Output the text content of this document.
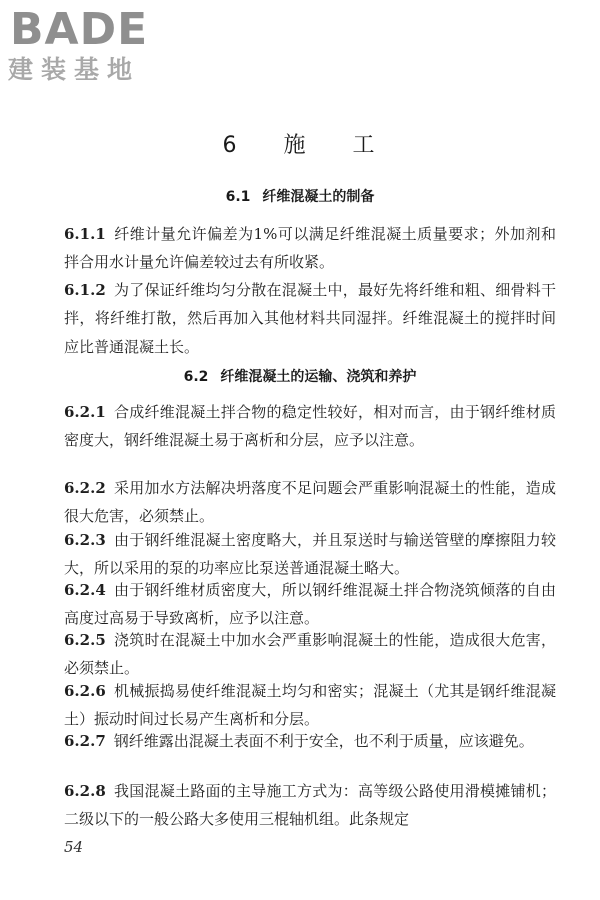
BADE
建装基地
6 施 工
6.1 纤维混凝土的制备
6.1.1 纤维计量允许偏差为1%可以满足纤维混凝土质量要求；外加剂和拌合用水计量允许偏差较过去有所收紧。
6.1.2 为了保证纤维均匀分散在混凝土中，最好先将纤维和粗、细骨料干拌，将纤维打散，然后再加入其他材料共同湿拌。纤维混凝土的搅拌时间应比普通混凝土长。
6.2 纤维混凝土的运输、浇筑和养护
6.2.1 合成纤维混凝土拌合物的稳定性较好，相对而言，由于钢纤维材质密度大，钢纤维混凝土易于离析和分层，应予以注意。
6.2.2 采用加水方法解决坍落度不足问题会严重影响混凝土的性能，造成很大危害，必须禁止。
6.2.3 由于钢纤维混凝土密度略大，并且泵送时与输送管壁的摩擦阻力较大，所以采用的泵的功率应比泵送普通混凝土略大。
6.2.4 由于钢纤维材质密度大，所以钢纤维混凝土拌合物浇筑倾落的自由高度过高易于导致离析，应予以注意。
6.2.5 浇筑时在混凝土中加水会严重影响混凝土的性能，造成很大危害，必须禁止。
6.2.6 机械振捣易使纤维混凝土均匀和密实；混凝土（尤其是钢纤维混凝土）振动时间过长易产生离析和分层。
6.2.7 钢纤维露出混凝土表面不利于安全，也不利于质量，应该避免。
6.2.8 我国混凝土路面的主导施工方式为：高等级公路使用滑模摊铺机；二级以下的一般公路大多使用三棍轴机组。此条规定
54
